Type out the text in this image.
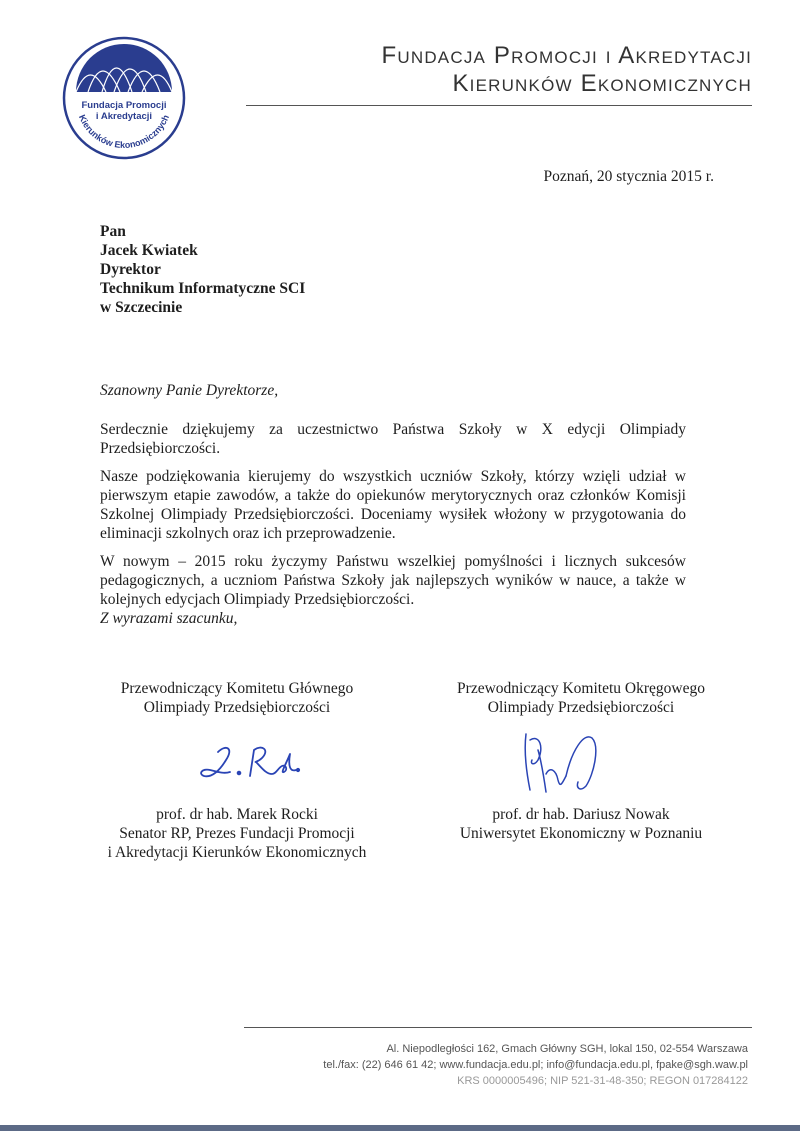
Fundacja Promocji
i Akredytacji
Kierunków Ekonomicznych
Fundacja Promocji i Akredytacji
Kierunków Ekonomicznych
Poznań, 20 stycznia 2015 r.
Pan
Jacek Kwiatek
Dyrektor
Technikum Informatyczne SCI
w Szczecinie
Szanowny Panie Dyrektorze,

Serdecznie dziękujemy za uczestnictwo Państwa Szkoły w X edycji Olimpiady Przedsiębiorczości.

Nasze podziękowania kierujemy do wszystkich uczniów Szkoły, którzy wzięli udział w pierwszym etapie zawodów, a także do opiekunów merytorycznych oraz członków Komisji Szkolnej Olimpiady Przedsiębiorczości. Doceniamy wysiłek włożony w przygotowania do eliminacji szkolnych oraz ich przeprowadzenie.

W nowym – 2015 roku życzymy Państwu wszelkiej pomyślności i licznych sukcesów pedagogicznych, a uczniom Państwa Szkoły jak najlepszych wyników w nauce, a także w kolejnych edycjach Olimpiady Przedsiębiorczości.

Z wyrazami szacunku,
Przewodniczący Komitetu Głównego
Olimpiady Przedsiębiorczości
prof. dr hab. Marek Rocki
Senator RP, Prezes Fundacji Promocji
i Akredytacji Kierunków Ekonomicznych
Przewodniczący Komitetu Okręgowego
Olimpiady Przedsiębiorczości
prof. dr hab. Dariusz Nowak
Uniwersytet Ekonomiczny w Poznaniu
Al. Niepodległości 162, Gmach Główny SGH, lokal 150, 02-554 Warszawa
tel./fax: (22) 646 61 42; www.fundacja.edu.pl; info@fundacja.edu.pl, fpake@sgh.waw.pl
KRS 0000005496; NIP 521-31-48-350; REGON 017284122
